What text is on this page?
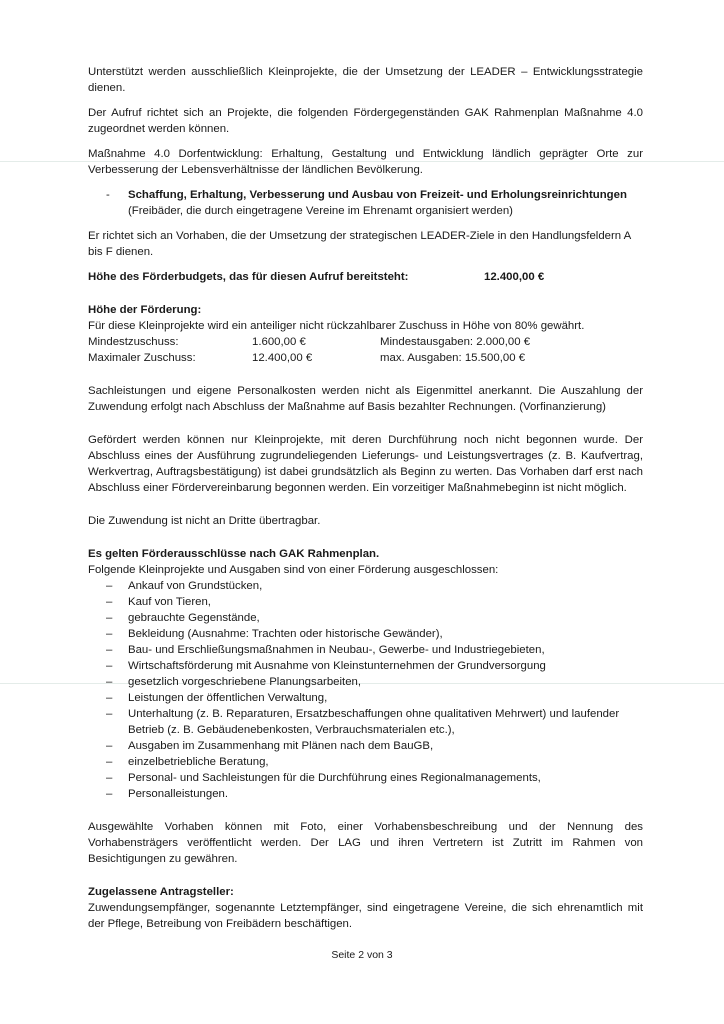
Unterstützt werden ausschließlich Kleinprojekte, die der Umsetzung der LEADER – Entwicklungsstrategie dienen.

Der Aufruf richtet sich an Projekte, die folgenden Fördergegenständen GAK Rahmenplan Maßnahme 4.0 zugeordnet werden können.

Maßnahme 4.0 Dorfentwicklung: Erhaltung, Gestaltung und Entwicklung ländlich geprägter Orte zur Verbesserung der Lebensverhältnisse der ländlichen Bevölkerung.

- Schaffung, Erhaltung, Verbesserung und Ausbau von Freizeit- und Erholungsreinrichtungen
(Freibäder, die durch eingetragene Vereine im Ehrenamt organisiert werden)

Er richtet sich an Vorhaben, die der Umsetzung der strategischen LEADER-Ziele in den Handlungsfeldern A bis F dienen.

Höhe des Förderbudgets, das für diesen Aufruf bereitsteht:	12.400,00 €
Höhe der Förderung:
Für diese Kleinprojekte wird ein anteiliger nicht rückzahlbarer Zuschuss in Höhe von 80% gewährt.
Mindestzuschuss:	1.600,00 €	Mindestausgaben: 2.000,00 €
Maximaler Zuschuss:	12.400,00 €	max. Ausgaben: 15.500,00 €

Sachleistungen und eigene Personalkosten werden nicht als Eigenmittel anerkannt. Die Auszahlung der Zuwendung erfolgt nach Abschluss der Maßnahme auf Basis bezahlter Rechnungen. (Vorfinanzierung)

Gefördert werden können nur Kleinprojekte, mit deren Durchführung noch nicht begonnen wurde. Der Abschluss eines der Ausführung zugrundeliegenden Lieferungs- und Leistungsvertrages (z. B. Kaufvertrag, Werkvertrag, Auftragsbestätigung) ist dabei grundsätzlich als Beginn zu werten. Das Vorhaben darf erst nach Abschluss einer Fördervereinbarung begonnen werden. Ein vorzeitiger Maßnahmebeginn ist nicht möglich.

Die Zuwendung ist nicht an Dritte übertragbar.

Es gelten Förderausschlüsse nach GAK Rahmenplan.
Folgende Kleinprojekte und Ausgaben sind von einer Förderung ausgeschlossen:
– Ankauf von Grundstücken,
– Kauf von Tieren,
– gebrauchte Gegenstände,
– Bekleidung (Ausnahme: Trachten oder historische Gewänder),
– Bau- und Erschließungsmaßnahmen in Neubau-, Gewerbe- und Industriegebieten,
– Wirtschaftsförderung mit Ausnahme von Kleinstunternehmen der Grundversorgung
– gesetzlich vorgeschriebene Planungsarbeiten,
– Leistungen der öffentlichen Verwaltung,
– Unterhaltung (z. B. Reparaturen, Ersatzbeschaffungen ohne qualitativen Mehrwert) und laufender Betrieb (z. B. Gebäudenebenkosten, Verbrauchsmaterialen etc.),
– Ausgaben im Zusammenhang mit Plänen nach dem BauGB,
– einzelbetriebliche Beratung,
– Personal- und Sachleistungen für die Durchführung eines Regionalmanagements,
– Personalleistungen.

Ausgewählte Vorhaben können mit Foto, einer Vorhabensbeschreibung und der Nennung des Vorhabensträgers veröffentlicht werden. Der LAG und ihren Vertretern ist Zutritt im Rahmen von Besichtigungen zu gewähren.

Zugelassene Antragsteller:

Zuwendungsempfänger, sogenannte Letztempfänger, sind eingetragene Vereine, die sich ehrenamtlich mit der Pflege, Betreibung von Freibädern beschäftigen.

Seite 2 von 3
